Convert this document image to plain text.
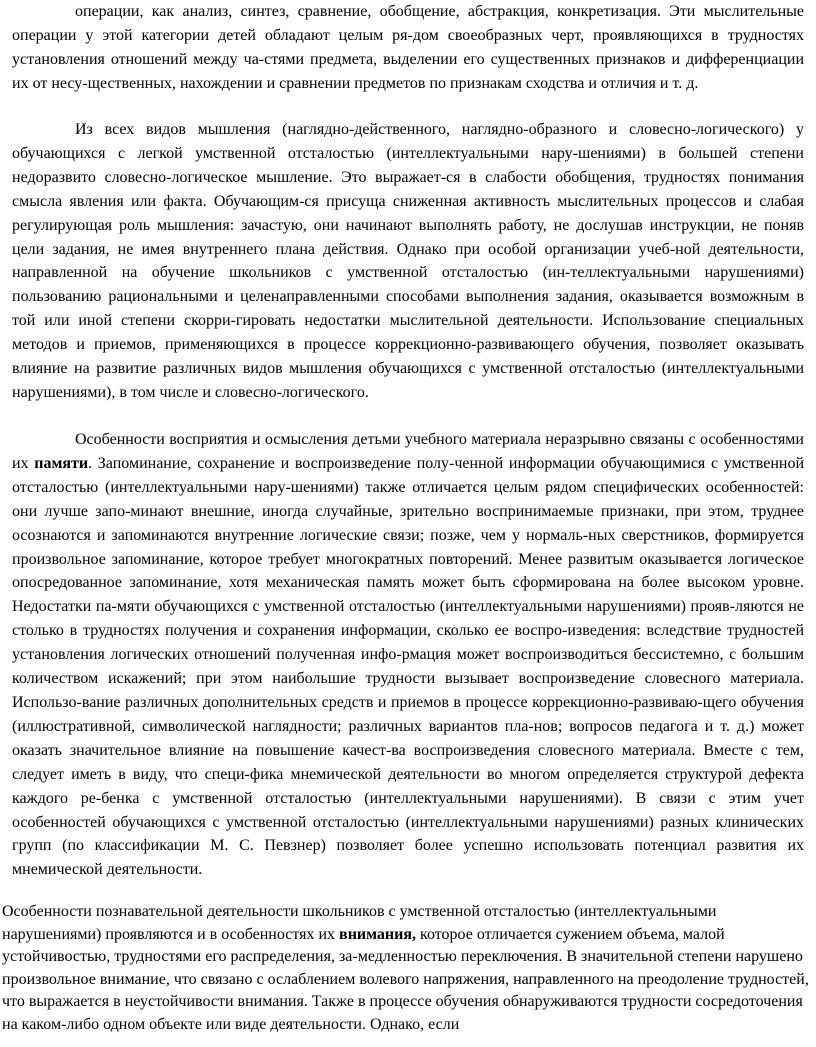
операции, как анализ, синтез, сравнение, обобщение, абстракция, конкретизация. Эти мыслительные операции у этой категории детей обладают целым ря-дом своеобразных черт, проявляющихся в трудностях установления отношений между ча-стями предмета, выделении его существенных признаков и дифференциации их от несу-щественных, нахождении и сравнении предметов по признакам сходства и отличия и т. д.

Из всех видов мышления (наглядно-действенного, наглядно-образного и словесно-логического) у обучающихся с легкой умственной отсталостью (интеллектуальными нару-шениями) в большей степени недоразвито словесно-логическое мышление. Это выражает-ся в слабости обобщения, трудностях понимания смысла явления или факта. Обучающим-ся присуща сниженная активность мыслительных процессов и слабая регулирующая роль мышления: зачастую, они начинают выполнять работу, не дослушав инструкции, не поняв цели задания, не имея внутреннего плана действия. Однако при особой организации учеб-ной деятельности, направленной на обучение школьников с умственной отсталостью (ин-теллектуальными нарушениями) пользованию рациональными и целенаправленными способами выполнения задания, оказывается возможным в той или иной степени скорри-гировать недостатки мыслительной деятельности. Использование специальных методов и приемов, применяющихся в процессе коррекционно-развивающего обучения, позволяет оказывать влияние на развитие различных видов мышления обучающихся с умственной отсталостью (интеллектуальными нарушениями), в том числе и словесно-логического.

Особенности восприятия и осмысления детьми учебного материала неразрывно связаны с особенностями их памяти. Запоминание, сохранение и воспроизведение полу-ченной информации обучающимися с умственной отсталостью (интеллектуальными нару-шениями) также отличается целым рядом специфических особенностей: они лучше запо-минают внешние, иногда случайные, зрительно воспринимаемые признаки, при этом, труднее осознаются и запоминаются внутренние логические связи; позже, чем у нормаль-ных сверстников, формируется произвольное запоминание, которое требует многократных повторений. Менее развитым оказывается логическое опосредованное запоминание, хотя механическая память может быть сформирована на более высоком уровне. Недостатки па-мяти обучающихся с умственной отсталостью (интеллектуальными нарушениями) прояв-ляются не столько в трудностях получения и сохранения информации, сколько ее воспро-изведения: вследствие трудностей установления логических отношений полученная инфо-рмация может воспроизводиться бессистемно, с большим количеством искажений; при этом наибольшие трудности вызывает воспроизведение словесного материала. Использо-вание различных дополнительных средств и приемов в процессе коррекционно-развиваю-щего обучения (иллюстративной, символической наглядности; различных вариантов пла-нов; вопросов педагога и т. д.) может оказать значительное влияние на повышение качест-ва воспроизведения словесного материала. Вместе с тем, следует иметь в виду, что специ-фика мнемической деятельности во многом определяется структурой дефекта каждого ре-бенка с умственной отсталостью (интеллектуальными нарушениями). В связи с этим учет особенностей обучающихся с умственной отсталостью (интеллектуальными нарушениями) разных клинических групп (по классификации М. С. Певзнер) позволяет более успешно использовать потенциал развития их мнемической деятельности.

Особенности познавательной деятельности школьников с умственной отсталостью (интеллектуальными нарушениями) проявляются и в особенностях их внимания, которое отличается сужением объема, малой устойчивостью, трудностями его распределения, за-медленностью переключения. В значительной степени нарушено произвольное внимание, что связано с ослаблением волевого напряжения, направленного на преодоление трудностей, что выражается в неустойчивости внимания. Также в процессе обучения обнаруживаются трудности сосредоточения на каком-либо одном объекте или виде деятельности. Однако, если
